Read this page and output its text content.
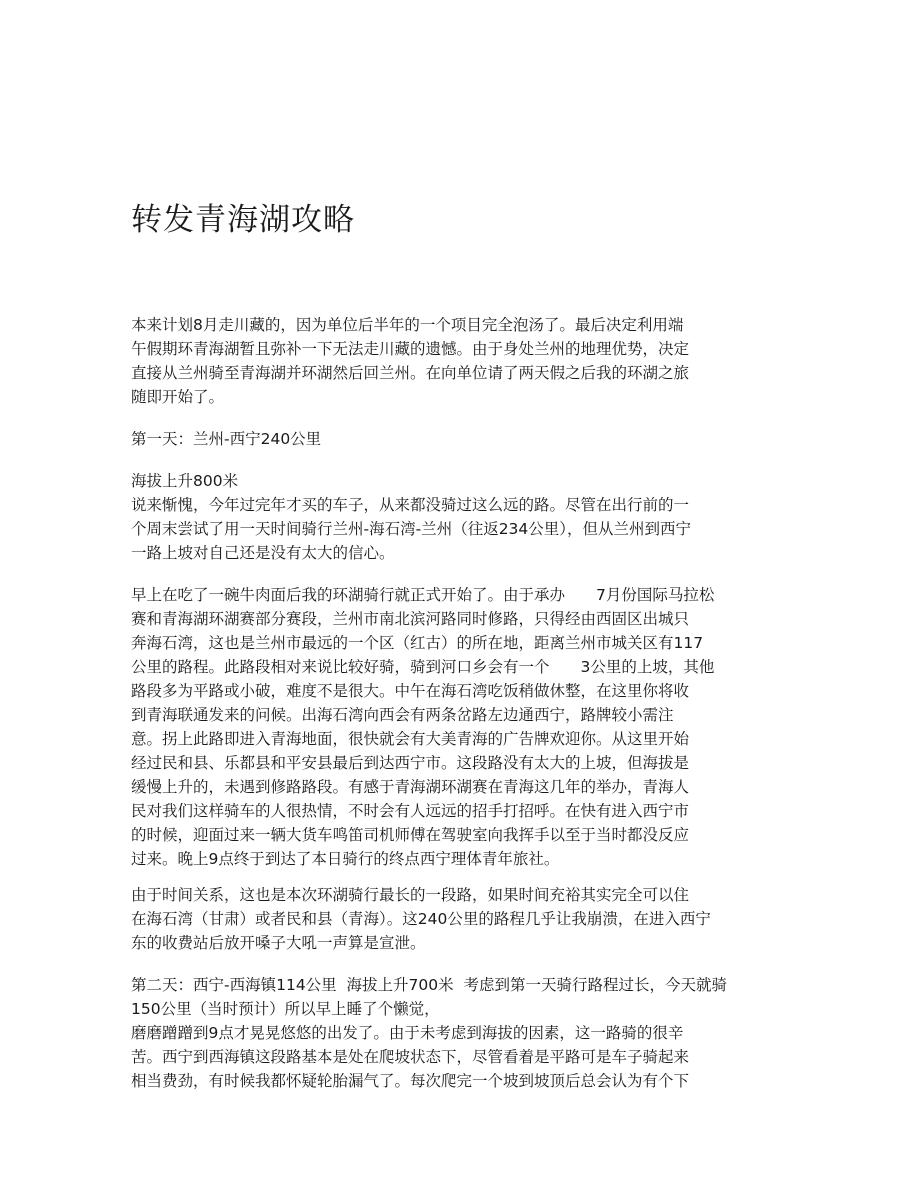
转发青海湖攻略
本来计划8月走川藏的，因为单位后半年的一个项目完全泡汤了。最后决定利用端
午假期环青海湖暂且弥补一下无法走川藏的遗憾。由于身处兰州的地理优势，决定
直接从兰州骑至青海湖并环湖然后回兰州。在向单位请了两天假之后我的环湖之旅
随即开始了。
第一天：兰州-西宁240公里
海拔上升800米
说来惭愧，今年过完年才买的车子，从来都没骑过这么远的路。尽管在出行前的一
个周末尝试了用一天时间骑行兰州-海石湾-兰州（往返234公里），但从兰州到西宁
一路上坡对自己还是没有太大的信心。
早上在吃了一碗牛肉面后我的环湖骑行就正式开始了。由于承办　　7月份国际马拉松
赛和青海湖环湖赛部分赛段，兰州市南北滨河路同时修路，只得经由西固区出城只
奔海石湾，这也是兰州市最远的一个区（红古）的所在地，距离兰州市城关区有117
公里的路程。此路段相对来说比较好骑，骑到河口乡会有一个　　3公里的上坡，其他
路段多为平路或小破，难度不是很大。中午在海石湾吃饭稍做休整，在这里你将收
到青海联通发来的问候。出海石湾向西会有两条岔路左边通西宁，路牌较小需注
意。拐上此路即进入青海地面，很快就会有大美青海的广告牌欢迎你。从这里开始
经过民和县、乐都县和平安县最后到达西宁市。这段路没有太大的上坡，但海拔是
缓慢上升的，未遇到修路路段。有感于青海湖环湖赛在青海这几年的举办，青海人
民对我们这样骑车的人很热情，不时会有人远远的招手打招呼。在快有进入西宁市
的时候，迎面过来一辆大货车鸣笛司机师傅在驾驶室向我挥手以至于当时都没反应
过来。晚上9点终于到达了本日骑行的终点西宁理体青年旅社。
由于时间关系，这也是本次环湖骑行最长的一段路，如果时间充裕其实完全可以住
在海石湾（甘肃）或者民和县（青海）。这240公里的路程几乎让我崩溃，在进入西宁
东的收费站后放开嗓子大吼一声算是宣泄。
第二天：西宁-西海镇114公里  海拔上升700米  考虑到第一天骑行路程过长，今天就骑
150公里（当时预计）所以早上睡了个懒觉，
磨磨蹭蹭到9点才晃晃悠悠的出发了。由于未考虑到海拔的因素，这一路骑的很辛
苦。西宁到西海镇这段路基本是处在爬坡状态下，尽管看着是平路可是车子骑起来
相当费劲，有时候我都怀疑轮胎漏气了。每次爬完一个坡到坡顶后总会认为有个下
